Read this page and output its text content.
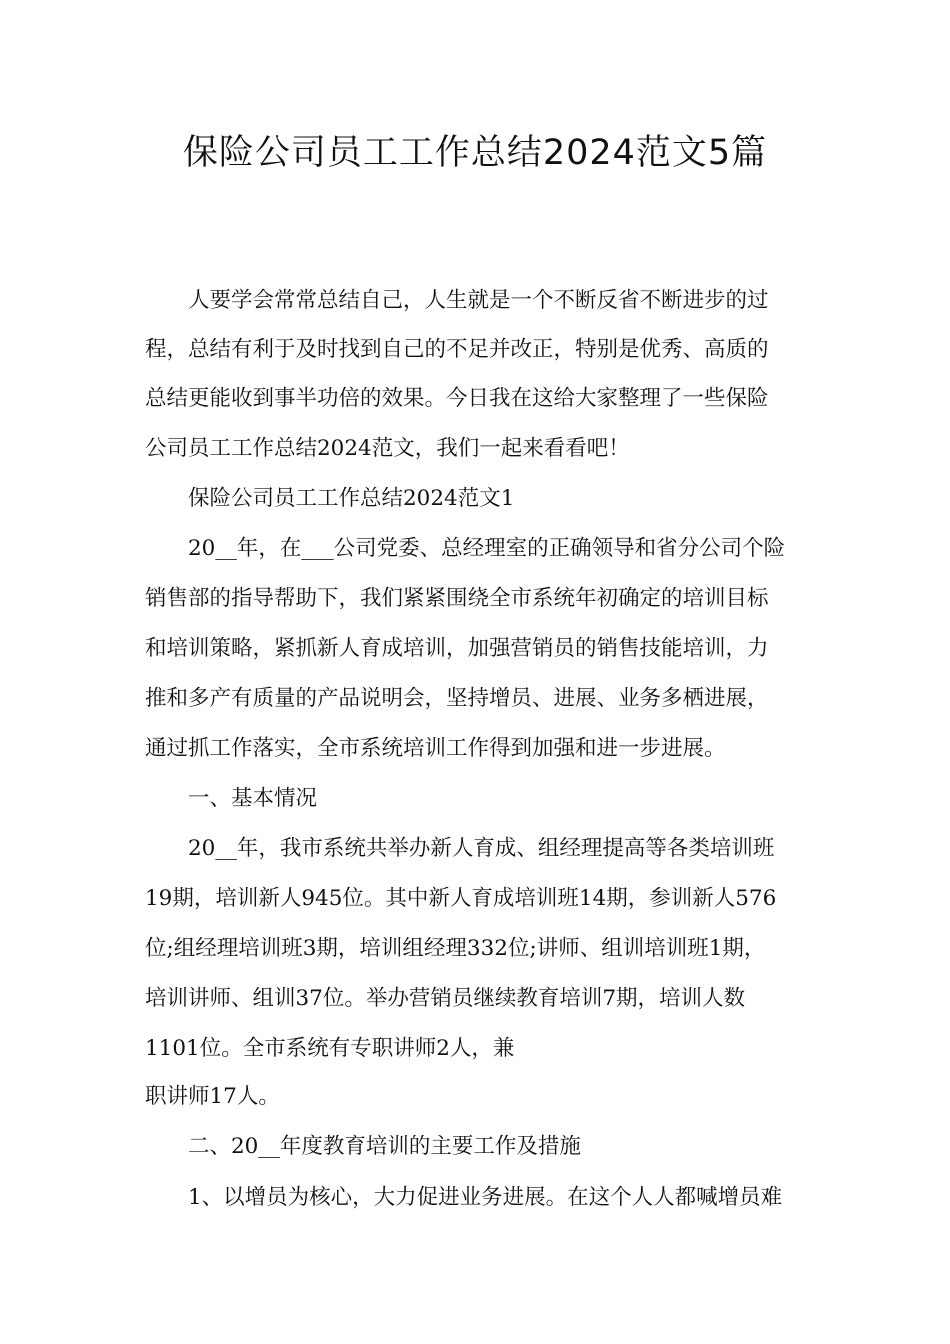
保险公司员工工作总结2024范文5篇
人要学会常常总结自己，人生就是一个不断反省不断进步的过
程，总结有利于及时找到自己的不足并改正，特别是优秀、高质的
总结更能收到事半功倍的效果。今日我在这给大家整理了一些保险
公司员工工作总结2024范文，我们一起来看看吧！
保险公司员工工作总结2024范文1
20__年，在___公司党委、总经理室的正确领导和省分公司个险
销售部的指导帮助下，我们紧紧围绕全市系统年初确定的培训目标
和培训策略，紧抓新人育成培训，加强营销员的销售技能培训，力
推和多产有质量的产品说明会，坚持增员、进展、业务多栖进展，
通过抓工作落实，全市系统培训工作得到加强和进一步进展。
一、基本情况
20__年，我市系统共举办新人育成、组经理提高等各类培训班
19期，培训新人945位。其中新人育成培训班14期，参训新人576
位;组经理培训班3期，培训组经理332位;讲师、组训培训班1期，
培训讲师、组训37位。举办营销员继续教育培训7期，培训人数
1101位。全市系统有专职讲师2人，兼
职讲师17人。
二、20__年度教育培训的主要工作及措施
1、以增员为核心，大力促进业务进展。在这个人人都喊增员难
